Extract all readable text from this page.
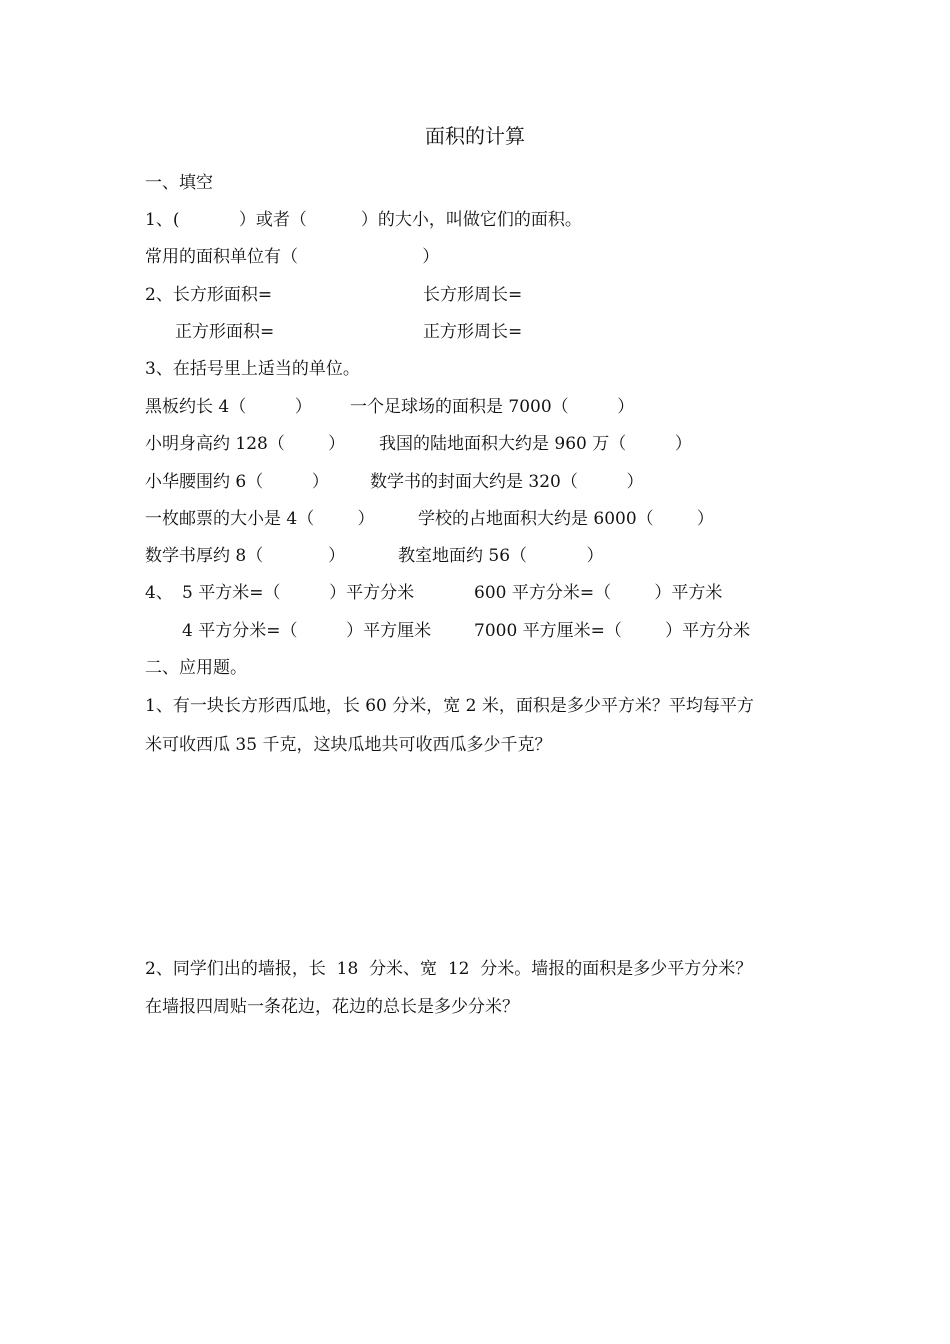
面积的计算
一、填空
1、(           ）或者（          ）的大小，叫做它们的面积。
常用的面积单位有（                       ）
2、长方形面积=	长方形周长=
正方形面积=	正方形周长=
3、在括号里上适当的单位。
黑板约长 4（         ） 一个足球场的面积是 7000（         ）
小明身高约 128（        ） 我国的陆地面积大约是 960 万（         ）
小华腰围约 6（         ） 数学书的封面大约是 320（         ）
一枚邮票的大小是 4（        ）	学校的占地面积大约是 6000（        ）
数学书厚约 8（            ）	教室地面约 56（           ）
4、 5 平方米=（         ）平方分米	600 平方分米=（        ）平方米
4 平方分米=（         ）平方厘米	7000 平方厘米=（        ）平方分米
二、应用题。
1、有一块长方形西瓜地，长 60 分米，宽 2 米，面积是多少平方米？平均每平方
米可收西瓜 35 千克，这块瓜地共可收西瓜多少千克？
2、同学们出的墙报，长  18  分米、宽  12  分米。墙报的面积是多少平方分米？
在墙报四周贴一条花边，花边的总长是多少分米？
